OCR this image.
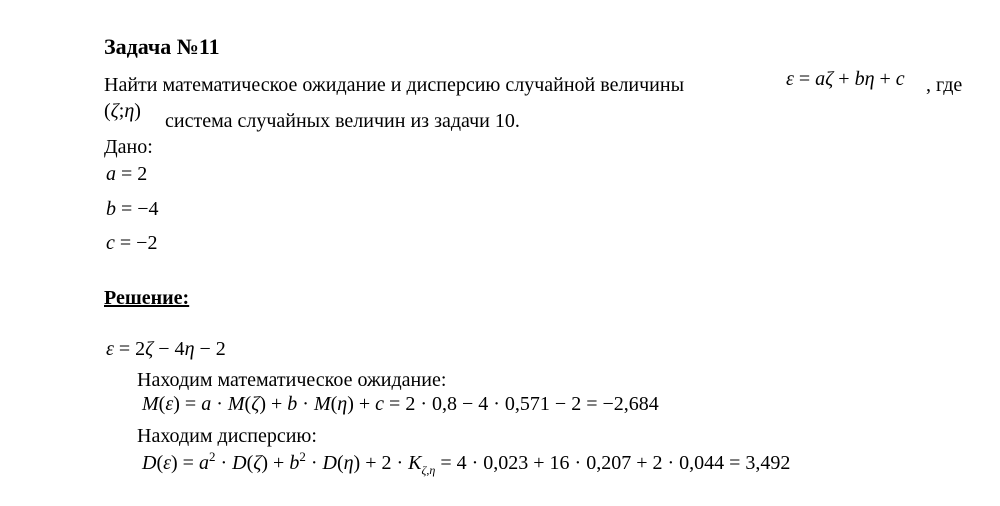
Задача №11
Найти математическое ожидание и дисперсию случайной величины	ε = aζ + bη + c , где
(ζ;η) система случайных величин из задачи 10.
Дано:
a = 2
b = −4
c = −2
Решение:
ε = 2ζ − 4η − 2
Находим математическое ожидание:
M(ε) = a · M(ζ) + b · M(η) + c = 2 · 0,8 − 4 · 0,571 − 2 = −2,684
Находим дисперсию:
$D(\varepsilon) = a^2 \cdot D(\zeta) + b^2 \cdot D(\eta) + 2 \cdot K_{\zeta,\eta} = 4 \cdot 0,023 + 16 \cdot 0,207 + 2 \cdot 0,044 = 3,492$
